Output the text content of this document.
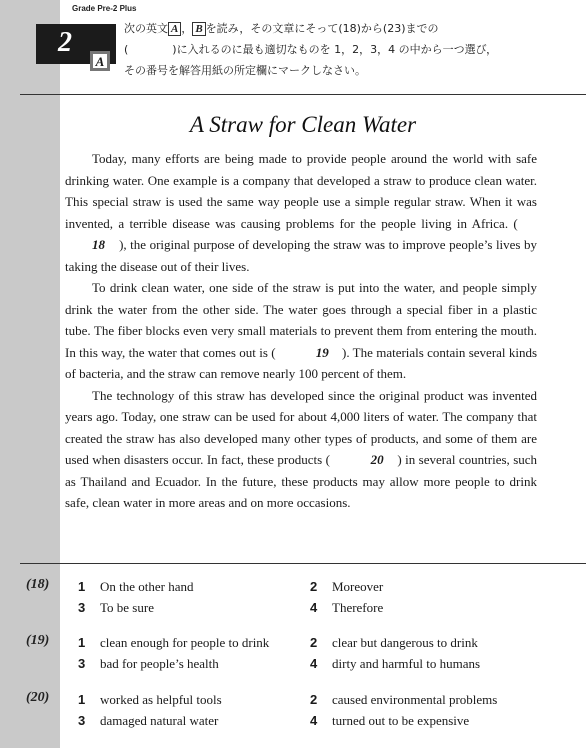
Grade Pre-2 Plus
2
A
次の英文 A ， B を読み，その文章にそって(18)から(23)までの
(　　　　)に入れるのに最も適切なものを 1，2，3，4 の中から一つ選び，
その番号を解答用紙の所定欄にマークしなさい。
A Straw for Clean Water

Today, many efforts are being made to provide people around the world with safe drinking water. One example is a company that developed a straw to produce clean water. This special straw is used the same way people use a simple regular straw. When it was invented, a terrible disease was causing problems for the people living in Africa. (    18 ), the original purpose of developing the straw was to improve people’s lives by taking the disease out of their lives.

To drink clean water, one side of the straw is put into the water, and people simply drink the water from the other side. The water goes through a special fiber in a plastic tube. The fiber blocks even very small materials to prevent them from entering the mouth. In this way, the water that comes out is (	19 ). The materials contain several kinds of bacteria, and the straw can remove nearly 100 percent of them.

The technology of this straw has developed since the original product was invented years ago. Today, one straw can be used for about 4,000 liters of water. The company that created the straw has also developed many other types of products, and some of them are used when disasters occur. In fact, these products (	20 ) in several countries, such as Thailand and Ecuador. In the future, these products may allow more people to drink safe, clean water in more areas and on more occasions.

(18) 1 On the other hand	2 Moreover
3 To be sure	4 Therefore
(19) 1 clean enough for people to drink	2 clear but dangerous to drink
3 bad for people’s health	4 dirty and harmful to humans
(20) 1 worked as helpful tools	2 caused environmental problems
3 damaged natural water	4 turned out to be expensive
